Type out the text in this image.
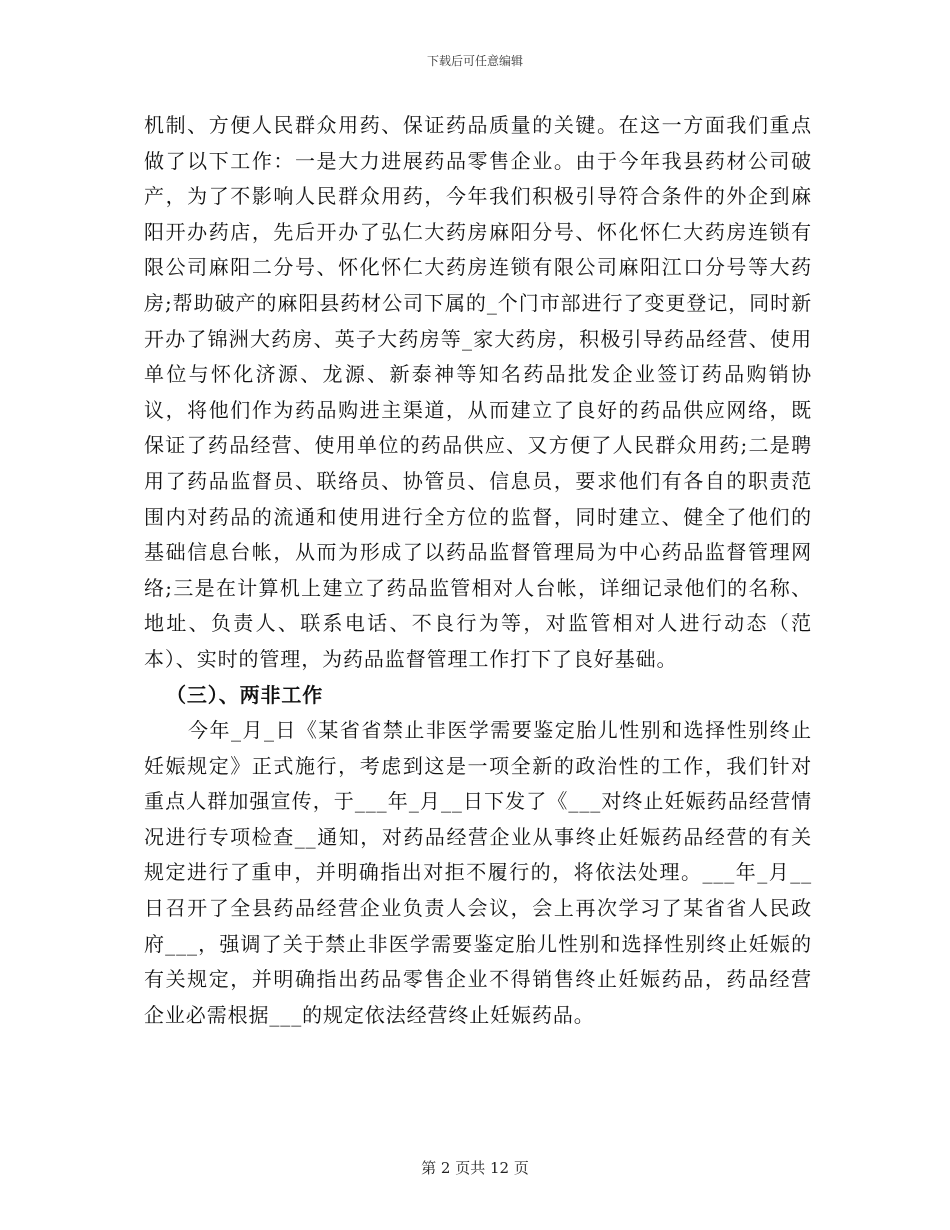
下载后可任意编辑

机制、方便人民群众用药、保证药品质量的关键。在这一方面我们重点做了以下工作：一是大力进展药品零售企业。由于今年我县药材公司破产，为了不影响人民群众用药，今年我们积极引导符合条件的外企到麻阳开办药店，先后开办了弘仁大药房麻阳分号、怀化怀仁大药房连锁有限公司麻阳二分号、怀化怀仁大药房连锁有限公司麻阳江口分号等大药房;帮助破产的麻阳县药材公司下属的_个门市部进行了变更登记，同时新开办了锦洲大药房、英子大药房等_家大药房，积极引导药品经营、使用单位与怀化济源、龙源、新泰神等知名药品批发企业签订药品购销协议，将他们作为药品购进主渠道，从而建立了良好的药品供应网络，既保证了药品经营、使用单位的药品供应、又方便了人民群众用药;二是聘用了药品监督员、联络员、协管员、信息员，要求他们有各自的职责范围内对药品的流通和使用进行全方位的监督，同时建立、健全了他们的基础信息台帐，从而为形成了以药品监督管理局为中心药品监督管理网络;三是在计算机上建立了药品监管相对人台帐，详细记录他们的名称、地址、负责人、联系电话、不良行为等，对监管相对人进行动态（范本）、实时的管理，为药品监督管理工作打下了良好基础。

（三）、两非工作

今年_月_日《某省省禁止非医学需要鉴定胎儿性别和选择性别终止妊娠规定》正式施行，考虑到这是一项全新的政治性的工作，我们针对重点人群加强宣传，于___年_月__日下发了《___对终止妊娠药品经营情况进行专项检查__通知，对药品经营企业从事终止妊娠药品经营的有关规定进行了重申，并明确指出对拒不履行的，将依法处理。___年_月__日召开了全县药品经营企业负责人会议，会上再次学习了某省省人民政府___，强调了关于禁止非医学需要鉴定胎儿性别和选择性别终止妊娠的有关规定，并明确指出药品零售企业不得销售终止妊娠药品，药品经营企业必需根据___的规定依法经营终止妊娠药品。

第 2 页共 12 页
